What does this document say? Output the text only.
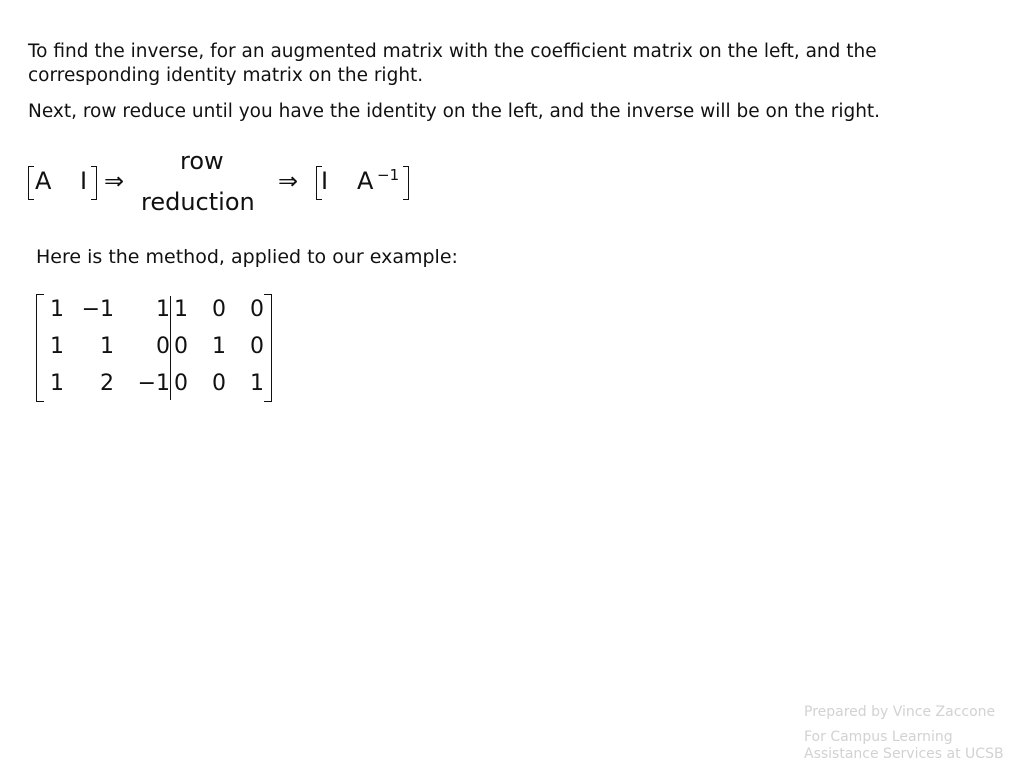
To find the inverse, for an augmented matrix with the coefficient matrix on the left, and the corresponding identity matrix on the right.

Next, row reduce until you have the identity on the left, and the inverse will be on the right.

A I ⇒
row
reduction
⇒ I A −1

Here is the method, applied to our example:

1 −1	1 1 0 0
1	1	0 0 1 0
1	2 −1 0 0 1

Prepared by Vince Zaccone

For Campus Learning Assistance Services at UCSB
